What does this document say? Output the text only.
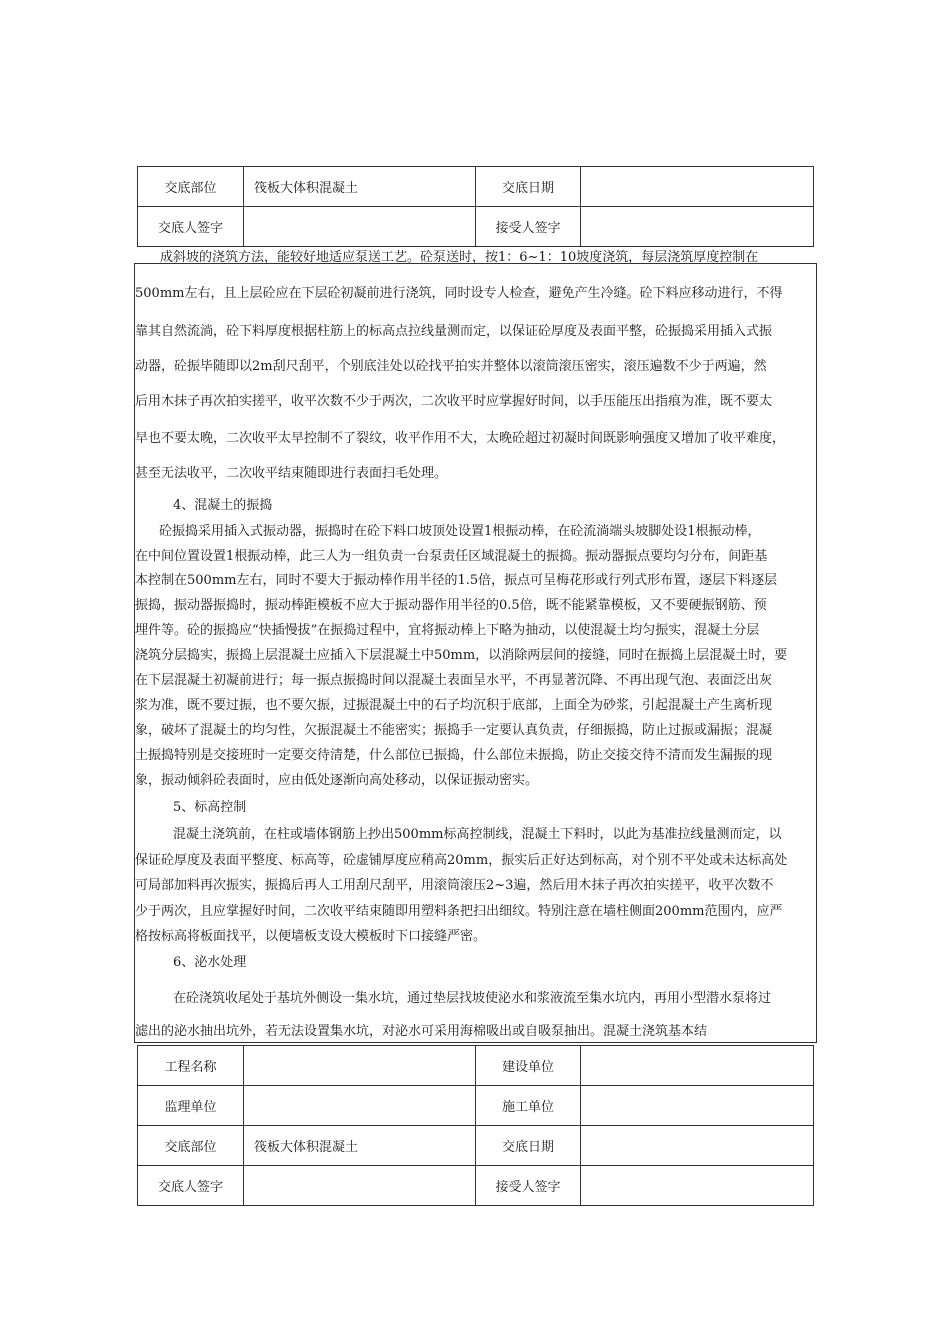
交底部位	筏板大体积混凝土	交底日期	
交底人签字		接受人签字	
成斜坡的浇筑方法，能较好地适应泵送工艺。砼泵送时，按1：6~1：10坡度浇筑，每层浇筑厚度控制在
500mm左右，且上层砼应在下层砼初凝前进行浇筑，同时设专人检查，避免产生冷缝。砼下料应移动进行，不得
靠其自然流淌，砼下料厚度根据柱筋上的标高点拉线量测而定，以保证砼厚度及表面平整，砼振捣采用插入式振
动器，砼振毕随即以2m刮尺刮平，个别底洼处以砼找平拍实并整体以滚筒滚压密实，滚压遍数不少于两遍，然
后用木抹子再次拍实搓平，收平次数不少于两次，二次收平时应掌握好时间，以手压能压出指痕为准，既不要太
早也不要太晚，二次收平太早控制不了裂纹，收平作用不大，太晚砼超过初凝时间既影响强度又增加了收平难度，
甚至无法收平，二次收平结束随即进行表面扫毛处理。
4、混凝土的振捣
砼振捣采用插入式振动器，振捣时在砼下料口坡顶处设置1根振动棒，在砼流淌端头坡脚处设1根振动棒，
在中间位置设置1根振动棒，此三人为一组负责一台泵责任区域混凝土的振捣。振动器振点要均匀分布，间距基
本控制在500mm左右，同时不要大于振动棒作用半径的1.5倍，振点可呈梅花形或行列式形布置，逐层下料逐层
振捣，振动器振捣时，振动棒距模板不应大于振动器作用半径的0.5倍，既不能紧靠模板，又不要硬振钢筋、预
埋件等。砼的振捣应“快插慢拔”在振捣过程中，宜将振动棒上下略为抽动，以使混凝土均匀振实，混凝土分层
浇筑分层捣实，振捣上层混凝土应插入下层混凝土中50mm，以消除两层间的接缝，同时在振捣上层混凝土时，要
在下层混凝土初凝前进行；每一振点振捣时间以混凝土表面呈水平，不再显著沉降、不再出现气泡、表面泛出灰
浆为准，既不要过振，也不要欠振，过振混凝土中的石子均沉积于底部，上面全为砂浆，引起混凝土产生离析现
象，破坏了混凝土的均匀性，欠振混凝土不能密实；振捣手一定要认真负责，仔细振捣，防止过振或漏振；混凝
土振捣特别是交接班时一定要交待清楚，什么部位已振捣，什么部位未振捣，防止交接交待不清而发生漏振的现
象，振动倾斜砼表面时，应由低处逐渐向高处移动，以保证振动密实。
5、标高控制
混凝土浇筑前，在柱或墙体钢筋上抄出500mm标高控制线，混凝土下料时，以此为基准拉线量测而定，以
保证砼厚度及表面平整度、标高等，砼虚铺厚度应稍高20mm，振实后正好达到标高，对个别不平处或未达标高处
可局部加料再次振实，振捣后再人工用刮尺刮平，用滚筒滚压2~3遍，然后用木抹子再次拍实搓平，收平次数不
少于两次，且应掌握好时间，二次收平结束随即用塑料条把扫出细纹。特别注意在墙柱侧面200mm范围内，应严
格按标高将板面找平，以便墙板支设大模板时下口接缝严密。
6、泌水处理
在砼浇筑收尾处于基坑外侧设一集水坑，通过垫层找坡使泌水和浆液流至集水坑内，再用小型潜水泵将过
滤出的泌水抽出坑外，若无法设置集水坑，对泌水可采用海棉吸出或自吸泵抽出。混凝土浇筑基本结
工程名称		建设单位	
监理单位		施工单位	
交底部位	筏板大体积混凝土	交底日期	
交底人签字		接受人签字	
